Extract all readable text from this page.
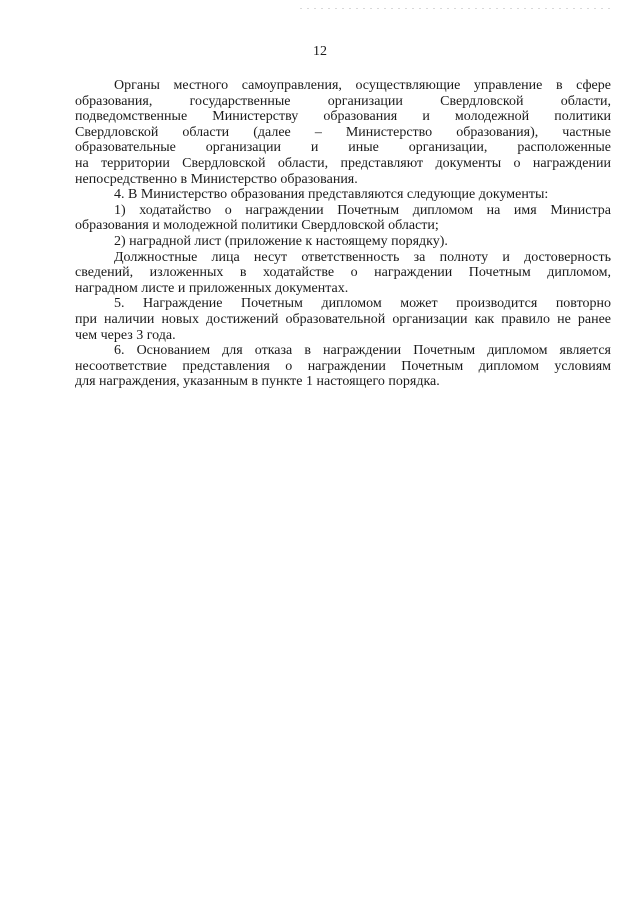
12
Органы местного самоуправления, осуществляющие управление в сфере
образования, государственные организации Свердловской области,
подведомственные Министерству образования и молодежной политики
Свердловской области (далее – Министерство образования), частные
образовательные организации и иные организации, расположенные
на территории Свердловской области, представляют документы о награждении
непосредственно в Министерство образования.
4. В Министерство образования представляются следующие документы:
1) ходатайство о награждении Почетным дипломом на имя Министра
образования и молодежной политики Свердловской области;
2) наградной лист (приложение к настоящему порядку).
Должностные лица несут ответственность за полноту и достоверность
сведений, изложенных в ходатайстве о награждении Почетным дипломом,
наградном листе и приложенных документах.
5. Награждение Почетным дипломом может производится повторно
при наличии новых достижений образовательной организации как правило не ранее
чем через 3 года.
6. Основанием для отказа в награждении Почетным дипломом является
несоответствие представления о награждении Почетным дипломом условиям
для награждения, указанным в пункте 1 настоящего порядка.
